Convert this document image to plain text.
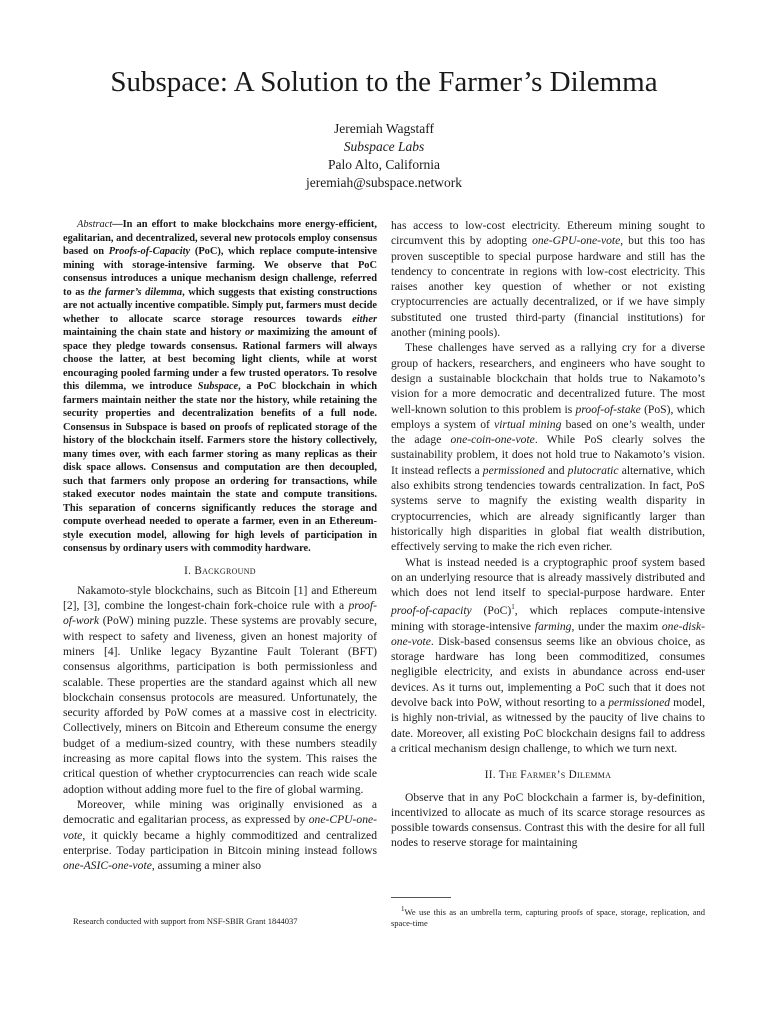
Subspace: A Solution to the Farmer’s Dilemma
Jeremiah Wagstaff
Subspace Labs
Palo Alto, California
jeremiah@subspace.network

Abstract—In an effort to make blockchains more energy-efficient, egalitarian, and decentralized, several new protocols employ consensus based on Proofs-of-Capacity (PoC), which replace compute-intensive mining with storage-intensive farming. We observe that PoC consensus introduces a unique mechanism design challenge, referred to as the farmer’s dilemma, which suggests that existing constructions are not actually incentive compatible. Simply put, farmers must decide whether to allocate scarce storage resources towards either maintaining the chain state and history or maximizing the amount of space they pledge towards consensus. Rational farmers will always choose the latter, at best becoming light clients, while at worst encouraging pooled farming under a few trusted operators. To resolve this dilemma, we introduce Subspace, a PoC blockchain in which farmers maintain neither the state nor the history, while retaining the security properties and decentralization benefits of a full node. Consensus in Subspace is based on proofs of replicated storage of the history of the blockchain itself. Farmers store the history collectively, many times over, with each farmer storing as many replicas as their disk space allows. Consensus and computation are then decoupled, such that farmers only propose an ordering for transactions, while staked executor nodes maintain the state and compute transitions. This separation of concerns significantly reduces the storage and compute overhead needed to operate a farmer, even in an Ethereum-style execution model, allowing for high levels of participation in consensus by ordinary users with commodity hardware.

I. Background

Nakamoto-style blockchains, such as Bitcoin [1] and Ethereum [2], [3], combine the longest-chain fork-choice rule with a proof-of-work (PoW) mining puzzle. These systems are provably secure, with respect to safety and liveness, given an honest majority of miners [4]. Unlike legacy Byzantine Fault Tolerant (BFT) consensus algorithms, participation is both permissionless and scalable. These properties are the standard against which all new blockchain consensus protocols are measured. Unfortunately, the security afforded by PoW comes at a massive cost in electricity. Collectively, miners on Bitcoin and Ethereum consume the energy budget of a medium-sized country, with these numbers steadily increasing as more capital flows into the system. This raises the critical question of whether cryptocurrencies can reach wide scale adoption without adding more fuel to the fire of global warming.

Moreover, while mining was originally envisioned as a democratic and egalitarian process, as expressed by one-CPU-one-vote, it quickly became a highly commoditized and centralized enterprise. Today participation in Bitcoin mining instead follows one-ASIC-one-vote, assuming a miner also

has access to low-cost electricity. Ethereum mining sought to circumvent this by adopting one-GPU-one-vote, but this too has proven susceptible to special purpose hardware and still has the tendency to concentrate in regions with low-cost electricity. This raises another key question of whether or not existing cryptocurrencies are actually decentralized, or if we have simply substituted one trusted third-party (financial institutions) for another (mining pools).

These challenges have served as a rallying cry for a diverse group of hackers, researchers, and engineers who have sought to design a sustainable blockchain that holds true to Nakamoto’s vision for a more democratic and decentralized future. The most well-known solution to this problem is proof-of-stake (PoS), which employs a system of virtual mining based on one’s wealth, under the adage one-coin-one-vote. While PoS clearly solves the sustainability problem, it does not hold true to Nakamoto’s vision. It instead reflects a permissioned and plutocratic alternative, which also exhibits strong tendencies towards centralization. In fact, PoS systems serve to magnify the existing wealth disparity in cryptocurrencies, which are already significantly larger than historically high disparities in global fiat wealth distribution, effectively serving to make the rich even richer.

What is instead needed is a cryptographic proof system based on an underlying resource that is already massively distributed and which does not lend itself to special-purpose hardware. Enter proof-of-capacity (PoC)$^1$, which replaces compute-intensive mining with storage-intensive farming, under the maxim one-disk-one-vote. Disk-based consensus seems like an obvious choice, as storage hardware has long been commoditized, consumes negligible electricity, and exists in abundance across end-user devices. As it turns out, implementing a PoC such that it does not devolve back into PoW, without resorting to a permissioned model, is highly non-trivial, as witnessed by the paucity of live chains to date. Moreover, all existing PoC blockchain designs fail to address a critical mechanism design challenge, to which we turn next.

II. The Farmer’s Dilemma

Observe that in any PoC blockchain a farmer is, by-definition, incentivized to allocate as much of its scarce storage resources as possible towards consensus. Contrast this with the desire for all full nodes to reserve storage for maintaining

Research conducted with support from NSF-SBIR Grant 1844037
$^1$We use this as an umbrella term, capturing proofs of space, storage, replication, and space-time
